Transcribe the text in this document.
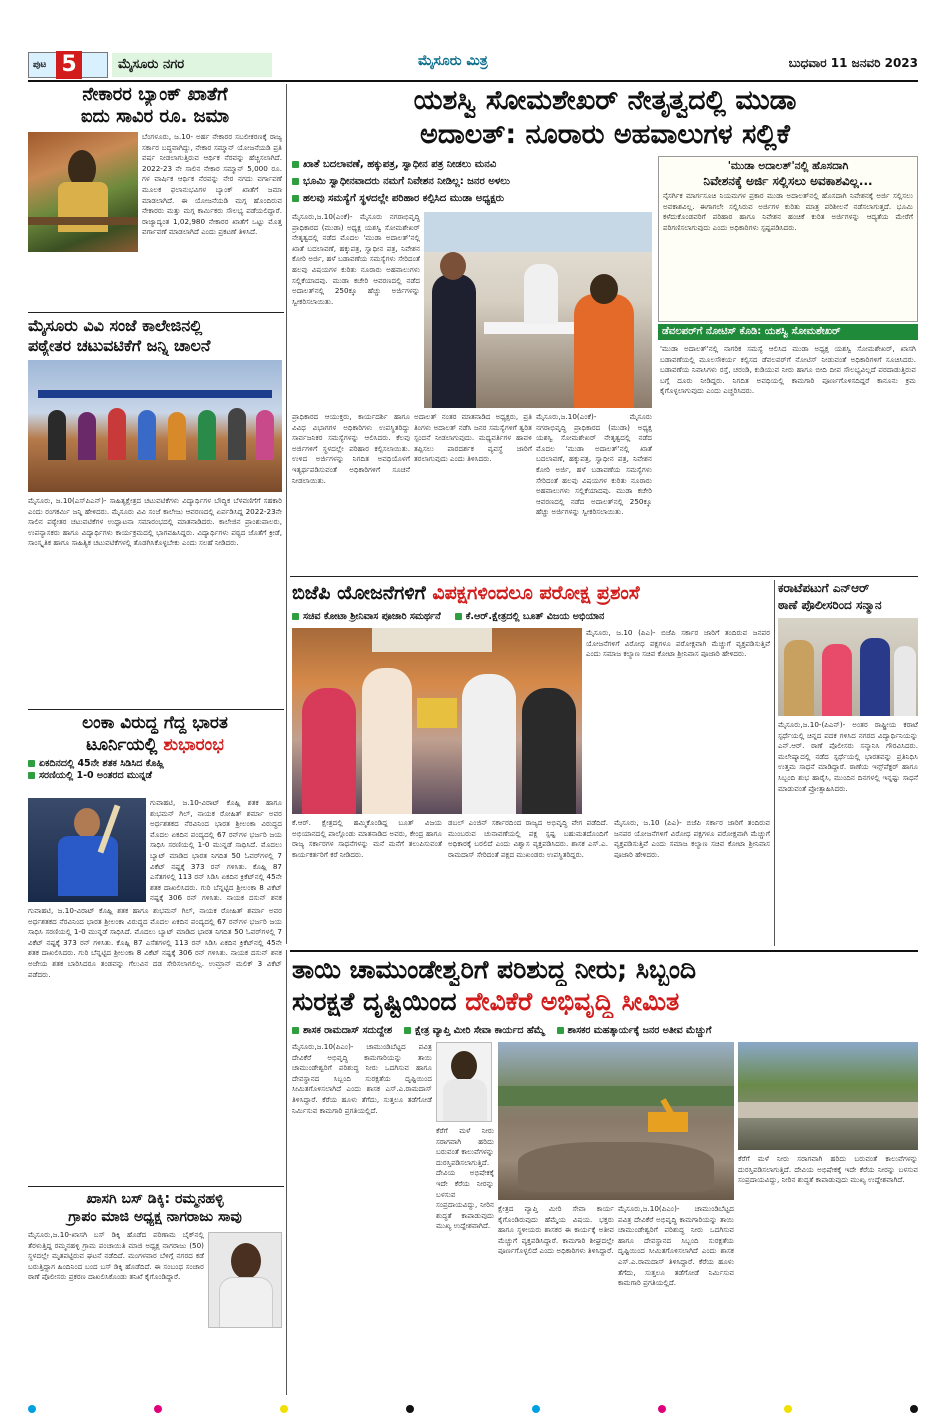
ಪುಟ 5	ಮೈಸೂರು ನಗರ	ಮೈಸೂರು ಮಿತ್ರ	ಬುಧವಾರ 11 ಜನವರಿ 2023
ನೇಕಾರರ ಬ್ಯಾಂಕ್ ಖಾತೆಗೆ
ಐದು ಸಾವಿರ ರೂ. ಜಮಾ
ಬೆಂಗಳೂರು, ಜ.10- ಅರ್ಹ ನೇಕಾರರ ಸಬಲೀಕರಣಕ್ಕೆ ರಾಜ್ಯ ಸರ್ಕಾರ ಬದ್ಧವಾಗಿದ್ದು, ನೇಕಾರ ಸಮ್ಮಾನ್ ಯೋಜನೆಯಡಿ ಪ್ರತಿ ವರ್ಷ ನೀಡಲಾಗುತ್ತಿರುವ ಆರ್ಥಿಕ ನೆರವನ್ನು ಹೆಚ್ಚಿಸಲಾಗಿದೆ. 2022-23 ನೇ ಸಾಲಿನ ನೇಕಾರ ಸಮ್ಮಾನ್ 5,000 ರೂ. ಗಳ ವಾರ್ಷಿಕ ಆರ್ಥಿಕ ನೆರವನ್ನು ನೇರ ನಗದು ವರ್ಗಾವಣೆ ಮೂಲಕ ಫಲಾನುಭವಿಗಳ ಬ್ಯಾಂಕ್ ಖಾತೆಗೆ ಜಮಾ ಮಾಡಲಾಗಿದೆ. ಈ ಯೋಜನೆಯಡಿ ಮಗ್ಗ ಹೊಂದಿರುವ ನೇಕಾರರು ಮತ್ತು ಮಗ್ಗ ಕಾರ್ಮಿಕರು ಸೌಲಭ್ಯ ಪಡೆಯಲಿದ್ದಾರೆ. ರಾಜ್ಯಾದ್ಯಂತ 1,02,980 ನೇಕಾರರ ಖಾತೆಗೆ ಒಟ್ಟು ಮೊತ್ತ ವರ್ಗಾವಣೆ ಮಾಡಲಾಗಿದೆ ಎಂದು ಪ್ರಕಟಣೆ ತಿಳಿಸಿದೆ.
ಮೈಸೂರು ವಿವಿ ಸಂಜೆ ಕಾಲೇಜಿನಲ್ಲಿ
ಪಠ್ಯೇತರ ಚಟುವಟಿಕೆಗೆ ಜನ್ನಿ ಚಾಲನೆ
ಮೈಸೂರು, ಜ.10(ಎಸ್‌ಪಿಎನ್)- ಸಾಹಿತ್ಯಕ್ಷೇತ್ರದ ಚಟುವಟಿಕೆಗಳು ವಿದ್ಯಾರ್ಥಿಗಳ ಬೌದ್ಧಿಕ ಬೆಳವಣಿಗೆಗೆ ಸಹಕಾರಿ ಎಂದು ರಂಗಕರ್ಮಿ ಜನ್ನಿ ಹೇಳಿದರು. ಮೈಸೂರು ವಿವಿ ಸಂಜೆ ಕಾಲೇಜು ಆವರಣದಲ್ಲಿ ಏರ್ಪಡಿಸಿದ್ದ 2022-23ನೇ ಸಾಲಿನ ಪಠ್ಯೇತರ ಚಟುವಟಿಕೆಗಳ ಉದ್ಘಾಟನಾ ಸಮಾರಂಭದಲ್ಲಿ ಮಾತನಾಡಿದರು. ಕಾಲೇಜಿನ ಪ್ರಾಂಶುಪಾಲರು, ಉಪನ್ಯಾಸಕರು ಹಾಗೂ ವಿದ್ಯಾರ್ಥಿಗಳು ಕಾರ್ಯಕ್ರಮದಲ್ಲಿ ಭಾಗವಹಿಸಿದ್ದರು. ವಿದ್ಯಾರ್ಥಿಗಳು ಪಠ್ಯದ ಜೊತೆಗೆ ಕ್ರೀಡೆ, ಸಾಂಸ್ಕೃತಿಕ ಹಾಗೂ ಸಾಹಿತ್ಯಿಕ ಚಟುವಟಿಕೆಗಳಲ್ಲಿ ತೊಡಗಿಸಿಕೊಳ್ಳಬೇಕು ಎಂದು ಸಲಹೆ ನೀಡಿದರು.
ಲಂಕಾ ವಿರುದ್ಧ ಗೆದ್ದ ಭಾರತ
ಟೂರ್ನಿಯಲ್ಲಿ ಶುಭಾರಂಭ
ಏಕದಿನದಲ್ಲಿ 45ನೇ ಶತಕ ಸಿಡಿಸಿದ ಕೊಹ್ಲಿ
ಸರಣಿಯಲ್ಲಿ 1-0 ಅಂತರದ ಮುನ್ನಡೆ
ಗುವಾಹಟಿ, ಜ.10-ವಿರಾಟ್ ಕೊಹ್ಲಿ ಶತಕ ಹಾಗೂ ಶುಭಮನ್ ಗಿಲ್, ನಾಯಕ ರೋಹಿತ್ ಶರ್ಮಾ ಅವರ ಅರ್ಧಶತಕದ ನೆರವಿನಿಂದ ಭಾರತ ಶ್ರೀಲಂಕಾ ವಿರುದ್ಧದ ಮೊದಲ ಏಕದಿನ ಪಂದ್ಯದಲ್ಲಿ 67 ರನ್‌ಗಳ ಭರ್ಜರಿ ಜಯ ಸಾಧಿಸಿ ಸರಣಿಯಲ್ಲಿ 1-0 ಮುನ್ನಡೆ ಸಾಧಿಸಿದೆ. ಮೊದಲು ಬ್ಯಾಟ್ ಮಾಡಿದ ಭಾರತ ನಿಗದಿತ 50 ಓವರ್‌ಗಳಲ್ಲಿ 7 ವಿಕೆಟ್ ನಷ್ಟಕ್ಕೆ 373 ರನ್ ಗಳಿಸಿತು. ಕೊಹ್ಲಿ 87 ಎಸೆತಗಳಲ್ಲಿ 113 ರನ್ ಸಿಡಿಸಿ ಏಕದಿನ ಕ್ರಿಕೆಟ್‌ನಲ್ಲಿ 45ನೇ ಶತಕ ದಾಖಲಿಸಿದರು. ಗುರಿ ಬೆನ್ನಟ್ಟಿದ ಶ್ರೀಲಂಕಾ 8 ವಿಕೆಟ್ ನಷ್ಟಕ್ಕೆ 306 ರನ್ ಗಳಿಸಿತು. ನಾಯಕ ದಸುನ್ ಶನಕ
ಗುವಾಹಟಿ, ಜ.10-ವಿರಾಟ್ ಕೊಹ್ಲಿ ಶತಕ ಹಾಗೂ ಶುಭಮನ್ ಗಿಲ್, ನಾಯಕ ರೋಹಿತ್ ಶರ್ಮಾ ಅವರ ಅರ್ಧಶತಕದ ನೆರವಿನಿಂದ ಭಾರತ ಶ್ರೀಲಂಕಾ ವಿರುದ್ಧದ ಮೊದಲ ಏಕದಿನ ಪಂದ್ಯದಲ್ಲಿ 67 ರನ್‌ಗಳ ಭರ್ಜರಿ ಜಯ ಸಾಧಿಸಿ ಸರಣಿಯಲ್ಲಿ 1-0 ಮುನ್ನಡೆ ಸಾಧಿಸಿದೆ. ಮೊದಲು ಬ್ಯಾಟ್ ಮಾಡಿದ ಭಾರತ ನಿಗದಿತ 50 ಓವರ್‌ಗಳಲ್ಲಿ 7 ವಿಕೆಟ್ ನಷ್ಟಕ್ಕೆ 373 ರನ್ ಗಳಿಸಿತು. ಕೊಹ್ಲಿ 87 ಎಸೆತಗಳಲ್ಲಿ 113 ರನ್ ಸಿಡಿಸಿ ಏಕದಿನ ಕ್ರಿಕೆಟ್‌ನಲ್ಲಿ 45ನೇ ಶತಕ ದಾಖಲಿಸಿದರು. ಗುರಿ ಬೆನ್ನಟ್ಟಿದ ಶ್ರೀಲಂಕಾ 8 ವಿಕೆಟ್ ನಷ್ಟಕ್ಕೆ 306 ರನ್ ಗಳಿಸಿತು. ನಾಯಕ ದಸುನ್ ಶನಕ ಅಜೇಯ ಶತಕ ಬಾರಿಸಿದರೂ ತಂಡವನ್ನು ಗೆಲುವಿನ ದಡ ಸೇರಿಸಲಾಗಲಿಲ್ಲ. ಉಮ್ರಾನ್ ಮಲಿಕ್ 3 ವಿಕೆಟ್ ಪಡೆದರು.
ಖಾಸಗಿ ಬಸ್ ಡಿಕ್ಕಿ: ರಮ್ಮನಹಳ್ಳಿ
ಗ್ರಾಪಂ ಮಾಜಿ ಅಧ್ಯಕ್ಷ ನಾಗರಾಜು ಸಾವು
ಮೈಸೂರು,ಜ.10-ಖಾಸಗಿ ಬಸ್ ಡಿಕ್ಕಿ ಹೊಡೆದ ಪರಿಣಾಮ ಬೈಕ್‌ನಲ್ಲಿ ತೆರಳುತ್ತಿದ್ದ ರಮ್ಮನಹಳ್ಳಿ ಗ್ರಾಮ ಪಂಚಾಯಿತಿ ಮಾಜಿ ಅಧ್ಯಕ್ಷ ನಾಗರಾಜು (50) ಸ್ಥಳದಲ್ಲೇ ಮೃತಪಟ್ಟಿರುವ ಘಟನೆ ನಡೆದಿದೆ. ಮಂಗಳವಾರ ಬೆಳಿಗ್ಗೆ ನಗರದ ಕಡೆ ಬರುತ್ತಿದ್ದಾಗ ಹಿಂದಿನಿಂದ ಬಂದ ಬಸ್ ಡಿಕ್ಕಿ ಹೊಡೆದಿದೆ. ಈ ಸಂಬಂಧ ಸಂಚಾರ ಠಾಣೆ ಪೊಲೀಸರು ಪ್ರಕರಣ ದಾಖಲಿಸಿಕೊಂಡು ತನಿಖೆ ಕೈಗೊಂಡಿದ್ದಾರೆ.
ಯಶಸ್ವಿ ಸೋಮಶೇಖರ್ ನೇತೃತ್ವದಲ್ಲಿ ಮುಡಾ
ಅದಾಲತ್: ನೂರಾರು ಅಹವಾಲುಗಳ ಸಲ್ಲಿಕೆ
ಖಾತೆ ಬದಲಾವಣೆ, ಹಕ್ಕುಪತ್ರ, ಸ್ವಾಧೀನ ಪತ್ರ ನೀಡಲು ಮನವಿ
ಭೂಮಿ ಸ್ವಾಧೀನವಾದರು ನಮಗೆ ನಿವೇಶನ ನೀಡಿಲ್ಲ: ಜನರ ಅಳಲು
ಹಲವು ಸಮಸ್ಯೆಗೆ ಸ್ಥಳದಲ್ಲೇ ಪರಿಹಾರ ಕಲ್ಪಿಸಿದ ಮುಡಾ ಅಧ್ಯಕ್ಷರು
ಮೈಸೂರು,ಜ.10(ಎಂಕೆ)- ಮೈಸೂರು ನಗರಾಭಿವೃದ್ಧಿ ಪ್ರಾಧಿಕಾರದ (ಮುಡಾ) ಅಧ್ಯಕ್ಷ ಯಶಸ್ವಿ ಸೋಮಶೇಖರ್ ನೇತೃತ್ವದಲ್ಲಿ ನಡೆದ ಮೊದಲ 'ಮುಡಾ ಅದಾಲತ್'ನಲ್ಲಿ ಖಾತೆ ಬದಲಾವಣೆ, ಹಕ್ಕುಪತ್ರ, ಸ್ವಾಧೀನ ಪತ್ರ, ನಿವೇಶನ ಕೋರಿ ಅರ್ಜಿ, ಹಳೆ ಬಡಾವಣೆಯ ಸಮಸ್ಯೆಗಳು ಸೇರಿದಂತೆ ಹಲವು ವಿಷಯಗಳ ಕುರಿತು ನೂರಾರು ಅಹವಾಲುಗಳು ಸಲ್ಲಿಕೆಯಾದವು. ಮುಡಾ ಕಚೇರಿ ಆವರಣದಲ್ಲಿ ನಡೆದ ಅದಾಲತ್‌ನಲ್ಲಿ 250ಕ್ಕೂ ಹೆಚ್ಚು ಅರ್ಜಿಗಳನ್ನು ಸ್ವೀಕರಿಸಲಾಯಿತು.
ಪ್ರಾಧಿಕಾರದ ಆಯುಕ್ತರು, ಕಾರ್ಯದರ್ಶಿ ಹಾಗೂ ವಿವಿಧ ವಿಭಾಗಗಳ ಅಧಿಕಾರಿಗಳು ಉಪಸ್ಥಿತರಿದ್ದು ಸಾರ್ವಜನಿಕರ ಸಮಸ್ಯೆಗಳನ್ನು ಆಲಿಸಿದರು. ಕೆಲವು ಅರ್ಜಿಗಳಿಗೆ ಸ್ಥಳದಲ್ಲೇ ಪರಿಹಾರ ಕಲ್ಪಿಸಲಾಯಿತು. ಉಳಿದ ಅರ್ಜಿಗಳನ್ನು ನಿಗದಿತ ಅವಧಿಯೊಳಗೆ ಇತ್ಯರ್ಥಪಡಿಸುವಂತೆ ಅಧಿಕಾರಿಗಳಿಗೆ ಸೂಚನೆ ನೀಡಲಾಯಿತು.
ಅದಾಲತ್ ನಂತರ ಮಾತನಾಡಿದ ಅಧ್ಯಕ್ಷರು, ಪ್ರತಿ ತಿಂಗಳು ಅದಾಲತ್ ನಡೆಸಿ ಜನರ ಸಮಸ್ಯೆಗಳಿಗೆ ತ್ವರಿತ ಸ್ಪಂದನೆ ನೀಡಲಾಗುವುದು. ಮಧ್ಯವರ್ತಿಗಳ ಹಾವಳಿ ತಪ್ಪಿಸಲು ಪಾರದರ್ಶಕ ವ್ಯವಸ್ಥೆ ಜಾರಿಗೆ ತರಲಾಗುವುದು ಎಂದು ತಿಳಿಸಿದರು.
ಮೈಸೂರು,ಜ.10(ಎಂಕೆ)- ಮೈಸೂರು ನಗರಾಭಿವೃದ್ಧಿ ಪ್ರಾಧಿಕಾರದ (ಮುಡಾ) ಅಧ್ಯಕ್ಷ ಯಶಸ್ವಿ ಸೋಮಶೇಖರ್ ನೇತೃತ್ವದಲ್ಲಿ ನಡೆದ ಮೊದಲ 'ಮುಡಾ ಅದಾಲತ್'ನಲ್ಲಿ ಖಾತೆ ಬದಲಾವಣೆ, ಹಕ್ಕುಪತ್ರ, ಸ್ವಾಧೀನ ಪತ್ರ, ನಿವೇಶನ ಕೋರಿ ಅರ್ಜಿ, ಹಳೆ ಬಡಾವಣೆಯ ಸಮಸ್ಯೆಗಳು ಸೇರಿದಂತೆ ಹಲವು ವಿಷಯಗಳ ಕುರಿತು ನೂರಾರು ಅಹವಾಲುಗಳು ಸಲ್ಲಿಕೆಯಾದವು. ಮುಡಾ ಕಚೇರಿ ಆವರಣದಲ್ಲಿ ನಡೆದ ಅದಾಲತ್‌ನಲ್ಲಿ 250ಕ್ಕೂ ಹೆಚ್ಚು ಅರ್ಜಿಗಳನ್ನು ಸ್ವೀಕರಿಸಲಾಯಿತು.
'ಮುಡಾ ಅದಾಲತ್'ನಲ್ಲಿ ಹೊಸದಾಗಿ
ನಿವೇಶನಕ್ಕೆ ಅರ್ಜಿ ಸಲ್ಲಿಸಲು ಅವಕಾಶವಿಲ್ಲ...
ನೈಸರ್ಗಿಕ ಮಾರ್ಗಸೂಚಿ ನಿಯಮಗಳ ಪ್ರಕಾರ ಮುಡಾ ಅದಾಲತ್‌ನಲ್ಲಿ ಹೊಸದಾಗಿ ನಿವೇಶನಕ್ಕೆ ಅರ್ಜಿ ಸಲ್ಲಿಸಲು ಅವಕಾಶವಿಲ್ಲ. ಈಗಾಗಲೇ ಸಲ್ಲಿಸಿರುವ ಅರ್ಜಿಗಳ ಕುರಿತು ಮಾತ್ರ ಪರಿಶೀಲನೆ ನಡೆಸಲಾಗುತ್ತದೆ. ಭೂಮಿ ಕಳೆದುಕೊಂಡವರಿಗೆ ಪರಿಹಾರ ಹಾಗೂ ನಿವೇಶನ ಹಂಚಿಕೆ ಕುರಿತ ಅರ್ಜಿಗಳನ್ನು ಆದ್ಯತೆಯ ಮೇರೆಗೆ ಪರಿಗಣಿಸಲಾಗುವುದು ಎಂದು ಅಧಿಕಾರಿಗಳು ಸ್ಪಷ್ಟಪಡಿಸಿದರು.
ಡೆವಲಪರ್‌ಗೆ ನೋಟಿಸ್ ಕೊಡಿ: ಯಶಸ್ವಿ ಸೋಮಶೇಖರ್
'ಮುಡಾ ಅದಾಲತ್'ನಲ್ಲಿ ನಾಗರಿಕ ಸಮಸ್ಯೆ ಆಲಿಸಿದ ಮುಡಾ ಅಧ್ಯಕ್ಷ ಯಶಸ್ವಿ ಸೋಮಶೇಖರ್, ಖಾಸಗಿ ಬಡಾವಣೆಯಲ್ಲಿ ಮೂಲಸೌಕರ್ಯ ಕಲ್ಪಿಸದ ಡೆವಲಪರ್‌ಗೆ ನೋಟಿಸ್ ನೀಡುವಂತೆ ಅಧಿಕಾರಿಗಳಿಗೆ ಸೂಚಿಸಿದರು. ಬಡಾವಣೆಯ ನಿವಾಸಿಗಳು ರಸ್ತೆ, ಚರಂಡಿ, ಕುಡಿಯುವ ನೀರು ಹಾಗೂ ಬೀದಿ ದೀಪ ಸೌಲಭ್ಯವಿಲ್ಲದೆ ಪರದಾಡುತ್ತಿರುವ ಬಗ್ಗೆ ದೂರು ನೀಡಿದ್ದರು. ನಿಗದಿತ ಅವಧಿಯಲ್ಲಿ ಕಾಮಗಾರಿ ಪೂರ್ಣಗೊಳಿಸದಿದ್ದರೆ ಕಾನೂನು ಕ್ರಮ ಕೈಗೊಳ್ಳಲಾಗುವುದು ಎಂದು ಎಚ್ಚರಿಸಿದರು.
ಬಿಜೆಪಿ ಯೋಜನೆಗಳಿಗೆ ವಿಪಕ್ಷಗಳಿಂದಲೂ ಪರೋಕ್ಷ ಪ್ರಶಂಸೆ
ಸಚಿವ ಕೋಟಾ ಶ್ರೀನಿವಾಸ ಪೂಜಾರಿ ಸಮರ್ಥನೆ	ಕೆ.ಆರ್.ಕ್ಷೇತ್ರದಲ್ಲಿ ಬೂತ್ ವಿಜಯ ಅಭಿಯಾನ
ಮೈಸೂರು, ಜ.10 (ಪಿಎ)- ಬಿಜೆಪಿ ಸರ್ಕಾರ ಜಾರಿಗೆ ತಂದಿರುವ ಜನಪರ ಯೋಜನೆಗಳಿಗೆ ವಿರೋಧ ಪಕ್ಷಗಳೂ ಪರೋಕ್ಷವಾಗಿ ಮೆಚ್ಚುಗೆ ವ್ಯಕ್ತಪಡಿಸುತ್ತಿವೆ ಎಂದು ಸಮಾಜ ಕಲ್ಯಾಣ ಸಚಿವ ಕೋಟಾ ಶ್ರೀನಿವಾಸ ಪೂಜಾರಿ ಹೇಳಿದರು.
ಕೆ.ಆರ್. ಕ್ಷೇತ್ರದಲ್ಲಿ ಹಮ್ಮಿಕೊಂಡಿದ್ದ ಬೂತ್ ವಿಜಯ ಅಭಿಯಾನದಲ್ಲಿ ಪಾಲ್ಗೊಂಡು ಮಾತನಾಡಿದ ಅವರು, ಕೇಂದ್ರ ಹಾಗೂ ರಾಜ್ಯ ಸರ್ಕಾರಗಳ ಸಾಧನೆಗಳನ್ನು ಮನೆ ಮನೆಗೆ ತಲುಪಿಸುವಂತೆ ಕಾರ್ಯಕರ್ತರಿಗೆ ಕರೆ ನೀಡಿದರು.
ಡಬಲ್ ಎಂಜಿನ್ ಸರ್ಕಾರದಿಂದ ರಾಜ್ಯದ ಅಭಿವೃದ್ಧಿ ವೇಗ ಪಡೆದಿದೆ. ಮುಂಬರುವ ಚುನಾವಣೆಯಲ್ಲಿ ಪಕ್ಷ ಸ್ಪಷ್ಟ ಬಹುಮತದೊಂದಿಗೆ ಅಧಿಕಾರಕ್ಕೆ ಬರಲಿದೆ ಎಂದು ವಿಶ್ವಾಸ ವ್ಯಕ್ತಪಡಿಸಿದರು. ಶಾಸಕ ಎಸ್.ಎ. ರಾಮದಾಸ್ ಸೇರಿದಂತೆ ಪಕ್ಷದ ಮುಖಂಡರು ಉಪಸ್ಥಿತರಿದ್ದರು.
ಮೈಸೂರು, ಜ.10 (ಪಿಎ)- ಬಿಜೆಪಿ ಸರ್ಕಾರ ಜಾರಿಗೆ ತಂದಿರುವ ಜನಪರ ಯೋಜನೆಗಳಿಗೆ ವಿರೋಧ ಪಕ್ಷಗಳೂ ಪರೋಕ್ಷವಾಗಿ ಮೆಚ್ಚುಗೆ ವ್ಯಕ್ತಪಡಿಸುತ್ತಿವೆ ಎಂದು ಸಮಾಜ ಕಲ್ಯಾಣ ಸಚಿವ ಕೋಟಾ ಶ್ರೀನಿವಾಸ ಪೂಜಾರಿ ಹೇಳಿದರು.
ಕರಾಟೆಪಟುಗೆ ಎನ್‌ಆರ್
ಠಾಣೆ ಪೊಲೀಸರಿಂದ ಸನ್ಮಾನ
ಮೈಸೂರು,ಜ.10-(ಪಿಎನ್)- ಅಂತರ ರಾಷ್ಟ್ರೀಯ ಕರಾಟೆ ಸ್ಪರ್ಧೆಯಲ್ಲಿ ಚಿನ್ನದ ಪದಕ ಗಳಿಸಿದ ನಗರದ ವಿದ್ಯಾರ್ಥಿನಿಯನ್ನು ಎನ್.ಆರ್. ಠಾಣೆ ಪೊಲೀಸರು ಸನ್ಮಾನಿಸಿ ಗೌರವಿಸಿದರು. ಮಲೇಷ್ಯಾದಲ್ಲಿ ನಡೆದ ಸ್ಪರ್ಧೆಯಲ್ಲಿ ಭಾರತವನ್ನು ಪ್ರತಿನಿಧಿಸಿ ಉತ್ತಮ ಸಾಧನೆ ಮಾಡಿದ್ದಾರೆ. ಠಾಣೆಯ ಇನ್ಸ್‌ಪೆಕ್ಟರ್ ಹಾಗೂ ಸಿಬ್ಬಂದಿ ಶುಭ ಹಾರೈಸಿ, ಮುಂದಿನ ದಿನಗಳಲ್ಲಿ ಇನ್ನಷ್ಟು ಸಾಧನೆ ಮಾಡುವಂತೆ ಪ್ರೋತ್ಸಾಹಿಸಿದರು.
ತಾಯಿ ಚಾಮುಂಡೇಶ್ವರಿಗೆ ಪರಿಶುದ್ಧ ನೀರು; ಸಿಬ್ಬಂದಿ
ಸುರಕ್ಷತೆ ದೃಷ್ಟಿಯಿಂದ ದೇವಿಕೆರೆ ಅಭಿವೃದ್ಧಿ ಸೀಮಿತ
ಶಾಸಕ ರಾಮದಾಸ್ ಸದುದ್ದೇಶ ಕ್ಷೇತ್ರ ವ್ಯಾಪ್ತಿ ಮೀರಿ ಸೇವಾ ಕಾರ್ಯದ ಹೆಮ್ಮೆ ಶಾಸಕರ ಮಹತ್ಕಾರ್ಯಕ್ಕೆ ಜನರ ಅತೀವ ಮೆಚ್ಚುಗೆ
ಮೈಸೂರು,ಜ.10(ಪಿಎಂ)- ಚಾಮುಂಡಿಬೆಟ್ಟದ ಪವಿತ್ರ ದೇವಿಕೆರೆ ಅಭಿವೃದ್ಧಿ ಕಾಮಗಾರಿಯನ್ನು ತಾಯಿ ಚಾಮುಂಡೇಶ್ವರಿಗೆ ಪರಿಶುದ್ಧ ನೀರು ಒದಗಿಸುವ ಹಾಗೂ ದೇವಸ್ಥಾನದ ಸಿಬ್ಬಂದಿ ಸುರಕ್ಷತೆಯ ದೃಷ್ಟಿಯಿಂದ ಸೀಮಿತಗೊಳಿಸಲಾಗಿದೆ ಎಂದು ಶಾಸಕ ಎಸ್.ಎ.ರಾಮದಾಸ್ ತಿಳಿಸಿದ್ದಾರೆ. ಕೆರೆಯ ಹೂಳು ತೆಗೆದು, ಸುತ್ತಲೂ ತಡೆಗೋಡೆ ನಿರ್ಮಿಸುವ ಕಾಮಗಾರಿ ಪ್ರಗತಿಯಲ್ಲಿದೆ.
ಕೆರೆಗೆ ಮಳೆ ನೀರು ಸರಾಗವಾಗಿ ಹರಿದು ಬರುವಂತೆ ಕಾಲುವೆಗಳನ್ನು ದುರಸ್ತಿಪಡಿಸಲಾಗುತ್ತಿದೆ. ದೇವಿಯ ಅಭಿಷೇಕಕ್ಕೆ ಇದೇ ಕೆರೆಯ ನೀರನ್ನು ಬಳಸುವ ಸಂಪ್ರದಾಯವಿದ್ದು, ನೀರಿನ ಶುದ್ಧತೆ ಕಾಪಾಡುವುದು ಮುಖ್ಯ ಉದ್ದೇಶವಾಗಿದೆ.
ಕ್ಷೇತ್ರದ ವ್ಯಾಪ್ತಿ ಮೀರಿ ಸೇವಾ ಕಾರ್ಯ ಕೈಗೊಂಡಿರುವುದು ಹೆಮ್ಮೆಯ ವಿಷಯ. ಭಕ್ತರು ಹಾಗೂ ಸ್ಥಳೀಯರು ಶಾಸಕರ ಈ ಕಾರ್ಯಕ್ಕೆ ಅತೀವ ಮೆಚ್ಚುಗೆ ವ್ಯಕ್ತಪಡಿಸಿದ್ದಾರೆ. ಕಾಮಗಾರಿ ಶೀಘ್ರದಲ್ಲೇ ಪೂರ್ಣಗೊಳ್ಳಲಿದೆ ಎಂದು ಅಧಿಕಾರಿಗಳು ತಿಳಿಸಿದ್ದಾರೆ.
ಮೈಸೂರು,ಜ.10(ಪಿಎಂ)- ಚಾಮುಂಡಿಬೆಟ್ಟದ ಪವಿತ್ರ ದೇವಿಕೆರೆ ಅಭಿವೃದ್ಧಿ ಕಾಮಗಾರಿಯನ್ನು ತಾಯಿ ಚಾಮುಂಡೇಶ್ವರಿಗೆ ಪರಿಶುದ್ಧ ನೀರು ಒದಗಿಸುವ ಹಾಗೂ ದೇವಸ್ಥಾನದ ಸಿಬ್ಬಂದಿ ಸುರಕ್ಷತೆಯ ದೃಷ್ಟಿಯಿಂದ ಸೀಮಿತಗೊಳಿಸಲಾಗಿದೆ ಎಂದು ಶಾಸಕ ಎಸ್.ಎ.ರಾಮದಾಸ್ ತಿಳಿಸಿದ್ದಾರೆ. ಕೆರೆಯ ಹೂಳು ತೆಗೆದು, ಸುತ್ತಲೂ ತಡೆಗೋಡೆ ನಿರ್ಮಿಸುವ ಕಾಮಗಾರಿ ಪ್ರಗತಿಯಲ್ಲಿದೆ.
ಕೆರೆಗೆ ಮಳೆ ನೀರು ಸರಾಗವಾಗಿ ಹರಿದು ಬರುವಂತೆ ಕಾಲುವೆಗಳನ್ನು ದುರಸ್ತಿಪಡಿಸಲಾಗುತ್ತಿದೆ. ದೇವಿಯ ಅಭಿಷೇಕಕ್ಕೆ ಇದೇ ಕೆರೆಯ ನೀರನ್ನು ಬಳಸುವ ಸಂಪ್ರದಾಯವಿದ್ದು, ನೀರಿನ ಶುದ್ಧತೆ ಕಾಪಾಡುವುದು ಮುಖ್ಯ ಉದ್ದೇಶವಾಗಿದೆ.
